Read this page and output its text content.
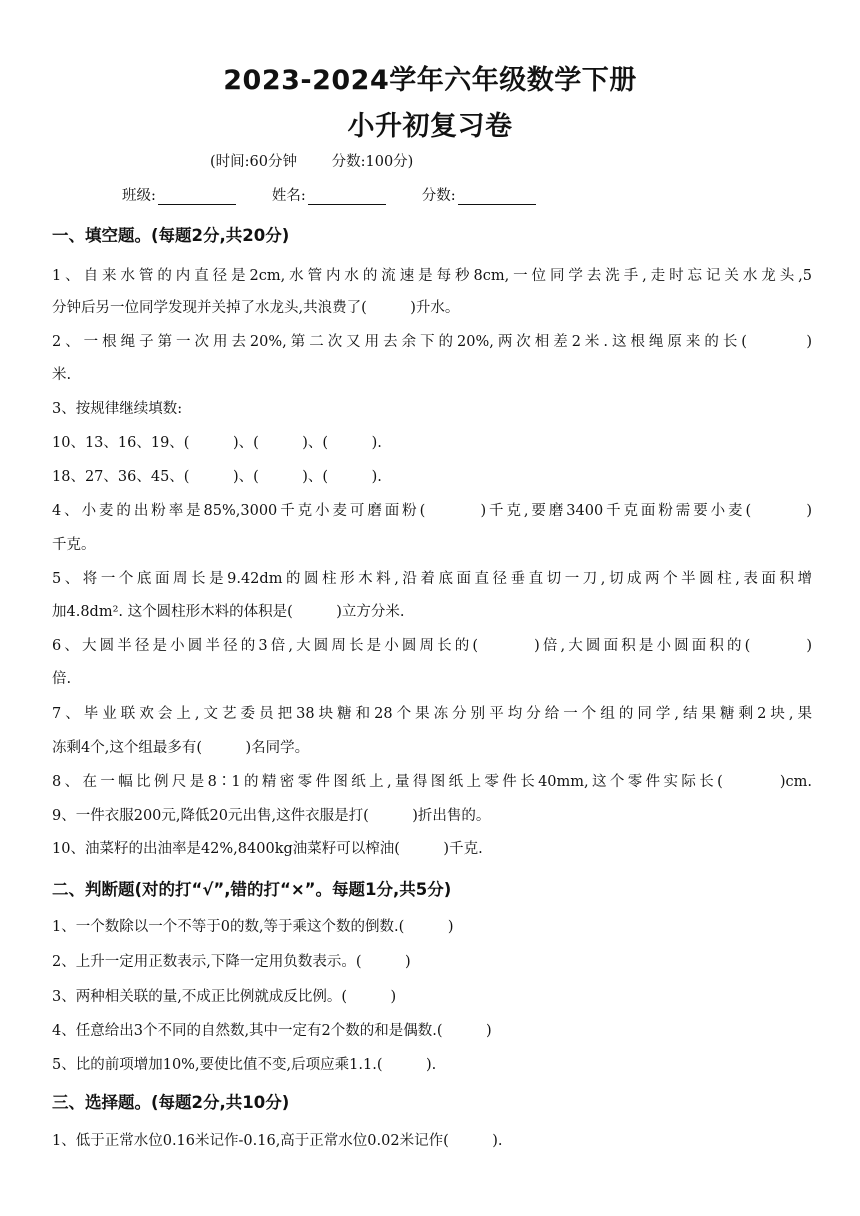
2023-2024学年六年级数学下册
小升初复习卷
(时间:60分钟 分数:100分)
班级:	姓名:	分数:
一、填空题。(每题2分,共20分)
1、自来水管的内直径是2cm,水管内水的流速是每秒8cm,一位同学去洗手,走时忘记关水龙头,5
分钟后另一位同学发现并关掉了水龙头,共浪费了(　　　)升水。
2、一根绳子第一次用去20%,第二次又用去余下的20%,两次相差2米.这根绳原来的长(　　　)
米.
3、按规律继续填数:
10、13、16、19、(　　　)、(　　　)、(　　　).
18、27、36、45、(　　　)、(　　　)、(　　　).
4、小麦的出粉率是85%,3000千克小麦可磨面粉(　　　)千克,要磨3400千克面粉需要小麦(　　　)
千克。
5、将一个底面周长是9.42dm的圆柱形木料,沿着底面直径垂直切一刀,切成两个半圆柱,表面积增
加4.8dm². 这个圆柱形木料的体积是(　　　)立方分米.
6、大圆半径是小圆半径的3倍,大圆周长是小圆周长的(　　　)倍,大圆面积是小圆面积的(　　　)
倍.
7、毕业联欢会上,文艺委员把38块糖和28个果冻分别平均分给一个组的同学,结果糖剩2块,果
冻剩4个,这个组最多有(　　　)名同学。
8、在一幅比例尺是8∶1的精密零件图纸上,量得图纸上零件长40mm,这个零件实际长(　　　)cm.
9、一件衣服200元,降低20元出售,这件衣服是打(　　　)折出售的。
10、油菜籽的出油率是42%,8400kg油菜籽可以榨油(　　　)千克.
二、判断题(对的打“√”,错的打“×”。每题1分,共5分)
1、一个数除以一个不等于0的数,等于乘这个数的倒数.(　　　)
2、上升一定用正数表示,下降一定用负数表示。(　　　)
3、两种相关联的量,不成正比例就成反比例。(　　　)
4、任意给出3个不同的自然数,其中一定有2个数的和是偶数.(　　　)
5、比的前项增加10%,要使比值不变,后项应乘1.1.(　　　).
三、选择题。(每题2分,共10分)
1、低于正常水位0.16米记作-0.16,高于正常水位0.02米记作(　　　).
